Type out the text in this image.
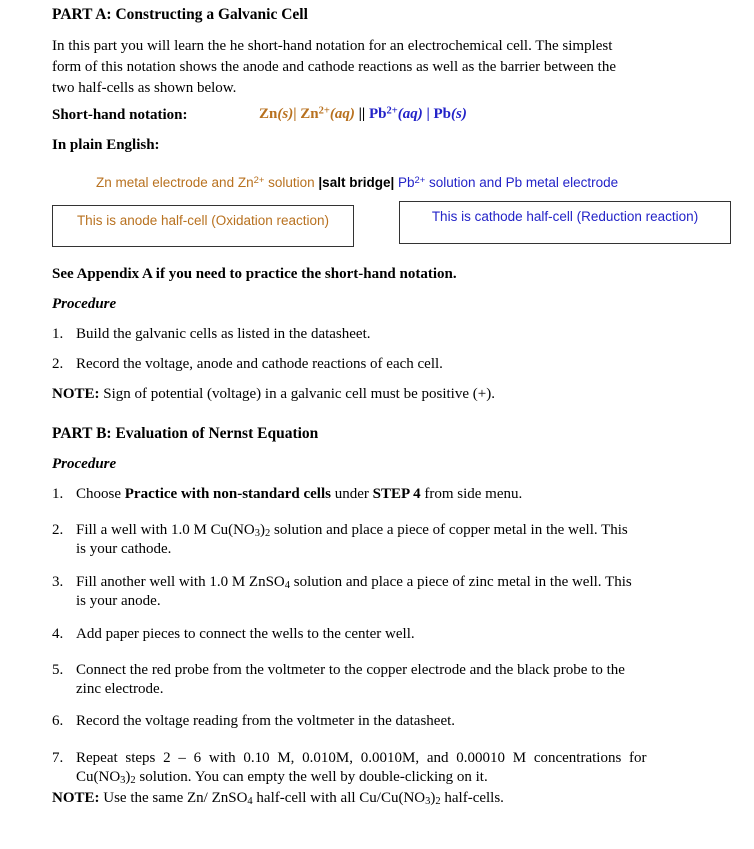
PART A: Constructing a Galvanic Cell
In this part you will learn the he short-hand notation for an electrochemical cell. The simplest
form of this notation shows the anode and cathode reactions as well as the barrier between the
two half-cells as shown below.
Short-hand notation:	Zn(s)| $Zn^{2+}(aq)$ || $Pb^{2+}(aq)$ | Pb(s)
In plain English:
Zn metal electrode and $Zn^{2+}$ solution |salt bridge| $Pb^{2+}$ solution and Pb metal electrode
This is anode half-cell (Oxidation reaction)	This is cathode half-cell (Reduction reaction)
See Appendix A if you need to practice the short-hand notation.
Procedure
1. Build the galvanic cells as listed in the datasheet.
2. Record the voltage, anode and cathode reactions of each cell.
NOTE: Sign of potential (voltage) in a galvanic cell must be positive (+).
PART B: Evaluation of Nernst Equation
Procedure
1. Choose Practice with non-standard cells under STEP 4 from side menu.
2. Fill a well with 1.0 M $Cu(NO_3)_2$ solution and place a piece of copper metal in the well. This
is your cathode.
3. Fill another well with 1.0 M ZnSO$_4$ solution and place a piece of zinc metal in the well. This
is your anode.
4. Add paper pieces to connect the wells to the center well.
5. Connect the red probe from the voltmeter to the copper electrode and the black probe to the
zinc electrode.
6. Record the voltage reading from the voltmeter in the datasheet.
7. Repeat steps 2 – 6 with 0.10 M, 0.010M, 0.0010M, and 0.00010 M concentrations for
$Cu(NO_3)_2$ solution. You can empty the well by double-clicking on it.
NOTE: Use the same Zn/ ZnSO$_4$ half-cell with all $Cu/Cu(NO_3)_2$ half-cells.
